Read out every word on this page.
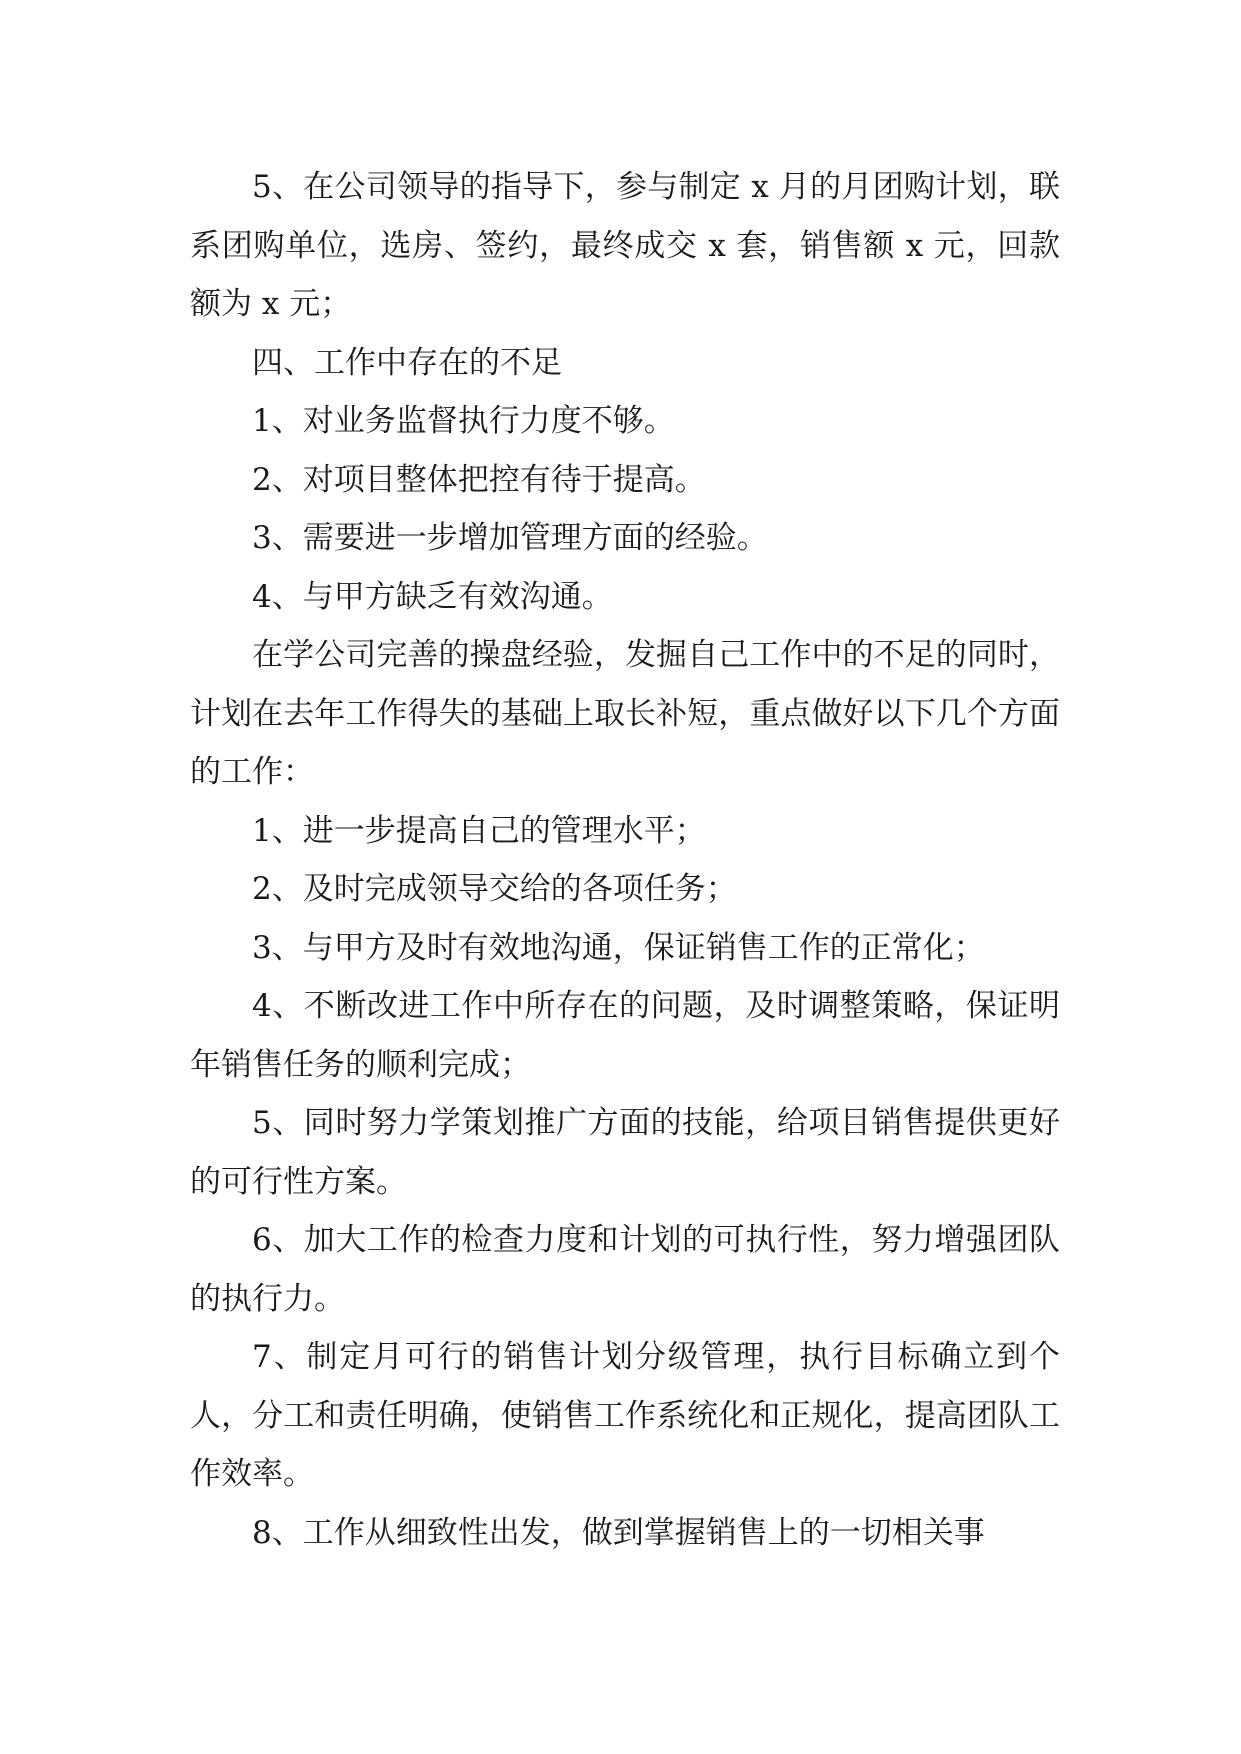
5、在公司领导的指导下，参与制定 x 月的月团购计划，联系团购单位，选房、签约，最终成交 x 套，销售额 x 元，回款额为 x 元；

四、工作中存在的不足

1、对业务监督执行力度不够。

2、对项目整体把控有待于提高。

3、需要进一步增加管理方面的经验。

4、与甲方缺乏有效沟通。

在学公司完善的操盘经验，发掘自己工作中的不足的同时，计划在去年工作得失的基础上取长补短，重点做好以下几个方面的工作：

1、进一步提高自己的管理水平；

2、及时完成领导交给的各项任务；

3、与甲方及时有效地沟通，保证销售工作的正常化；

4、不断改进工作中所存在的问题，及时调整策略，保证明年销售任务的顺利完成；

5、同时努力学策划推广方面的技能，给项目销售提供更好的可行性方案。

6、加大工作的检查力度和计划的可执行性，努力增强团队的执行力。

7、制定月可行的销售计划分级管理，执行目标确立到个人，分工和责任明确，使销售工作系统化和正规化，提高团队工作效率。

8、工作从细致性出发，做到掌握销售上的一切相关事
